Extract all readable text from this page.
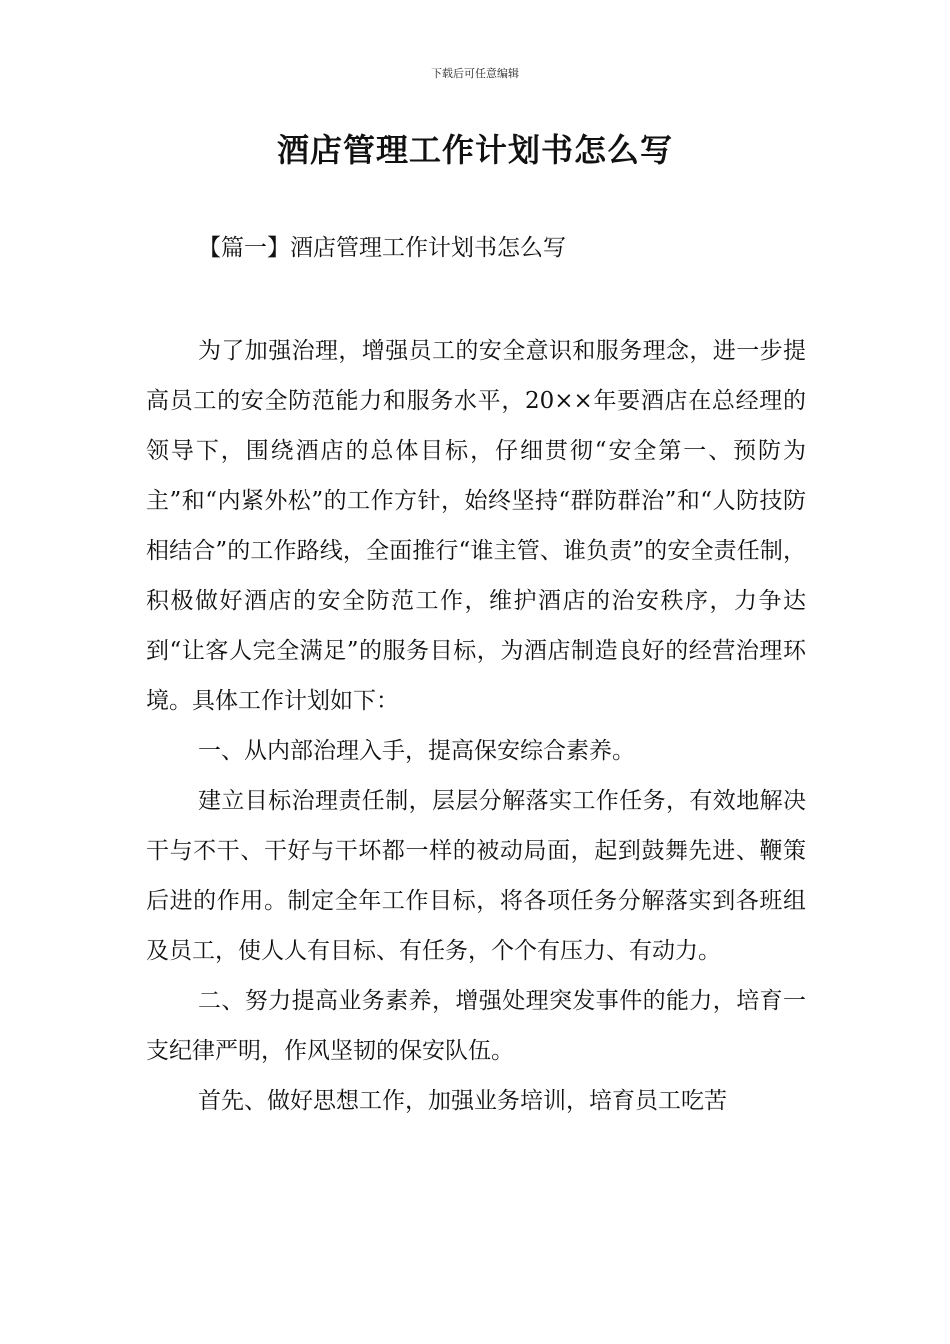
下载后可任意编辑
酒店管理工作计划书怎么写
【篇一】酒店管理工作计划书怎么写

为了加强治理，增强员工的安全意识和服务理念，进一步提高员工的安全防范能力和服务水平，20××年要酒店在总经理的领导下，围绕酒店的总体目标，仔细贯彻“安全第一、预防为主”和“内紧外松”的工作方针，始终坚持“群防群治”和“人防技防相结合”的工作路线，全面推行“谁主管、谁负责”的安全责任制，积极做好酒店的安全防范工作，维护酒店的治安秩序，力争达到“让客人完全满足”的服务目标，为酒店制造良好的经营治理环境。具体工作计划如下：

一、从内部治理入手，提高保安综合素养。

建立目标治理责任制，层层分解落实工作任务，有效地解决干与不干、干好与干坏都一样的被动局面，起到鼓舞先进、鞭策后进的作用。制定全年工作目标，将各项任务分解落实到各班组及员工，使人人有目标、有任务，个个有压力、有动力。

二、努力提高业务素养，增强处理突发事件的能力，培育一支纪律严明，作风坚韧的保安队伍。

首先、做好思想工作，加强业务培训，培育员工吃苦
